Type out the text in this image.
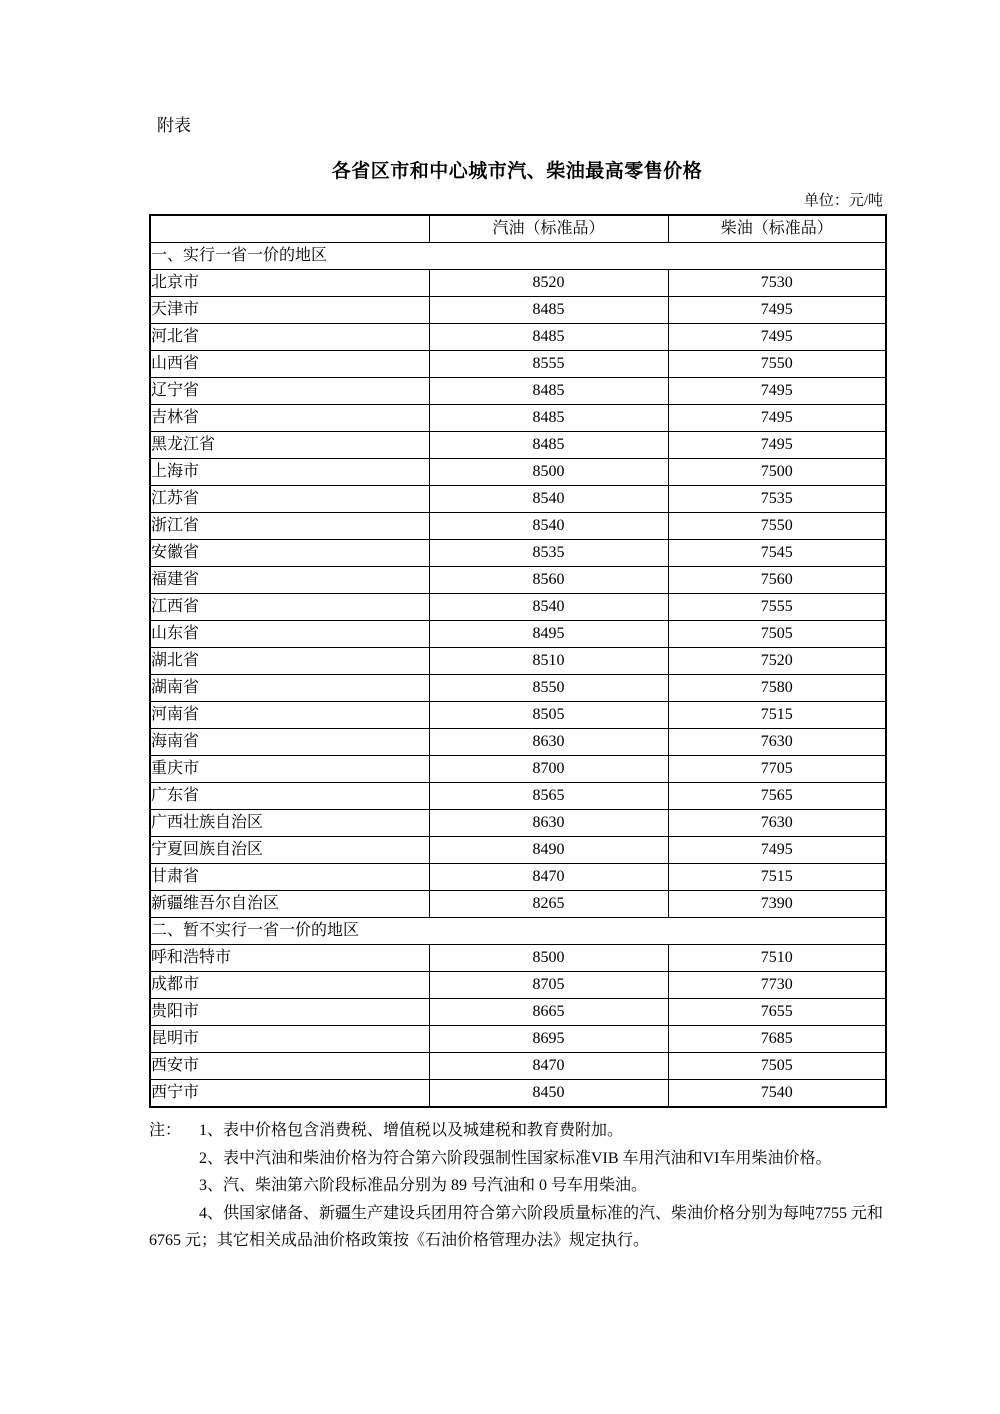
附表

各省区市和中心城市汽、柴油最高零售价格
单位：元/吨
	汽油（标准品）	柴油（标准品）
一、实行一省一价的地区		
北京市	8520	7530
天津市	8485	7495
河北省	8485	7495
山西省	8555	7550
辽宁省	8485	7495
吉林省	8485	7495
黑龙江省	8485	7495
上海市	8500	7500
江苏省	8540	7535
浙江省	8540	7550
安徽省	8535	7545
福建省	8560	7560
江西省	8540	7555
山东省	8495	7505
湖北省	8510	7520
湖南省	8550	7580
河南省	8505	7515
海南省	8630	7630
重庆市	8700	7705
广东省	8565	7565
广西壮族自治区	8630	7630
宁夏回族自治区	8490	7495
甘肃省	8470	7515
新疆维吾尔自治区	8265	7390
二、暂不实行一省一价的地区		
呼和浩特市	8500	7510
成都市	8705	7730
贵阳市	8665	7655
昆明市	8695	7685
西安市	8470	7505
西宁市	8450	7540

注： 1、表中价格包含消费税、增值税以及城建税和教育费附加。

2、表中汽油和柴油价格为符合第六阶段强制性国家标准VIB 车用汽油和VI车用柴油价格。

3、汽、柴油第六阶段标准品分别为 89 号汽油和 0 号车用柴油。

4、供国家储备、新疆生产建设兵团用符合第六阶段质量标准的汽、柴油价格分别为每吨7755 元和 6765 元；其它相关成品油价格政策按《石油价格管理办法》规定执行。
